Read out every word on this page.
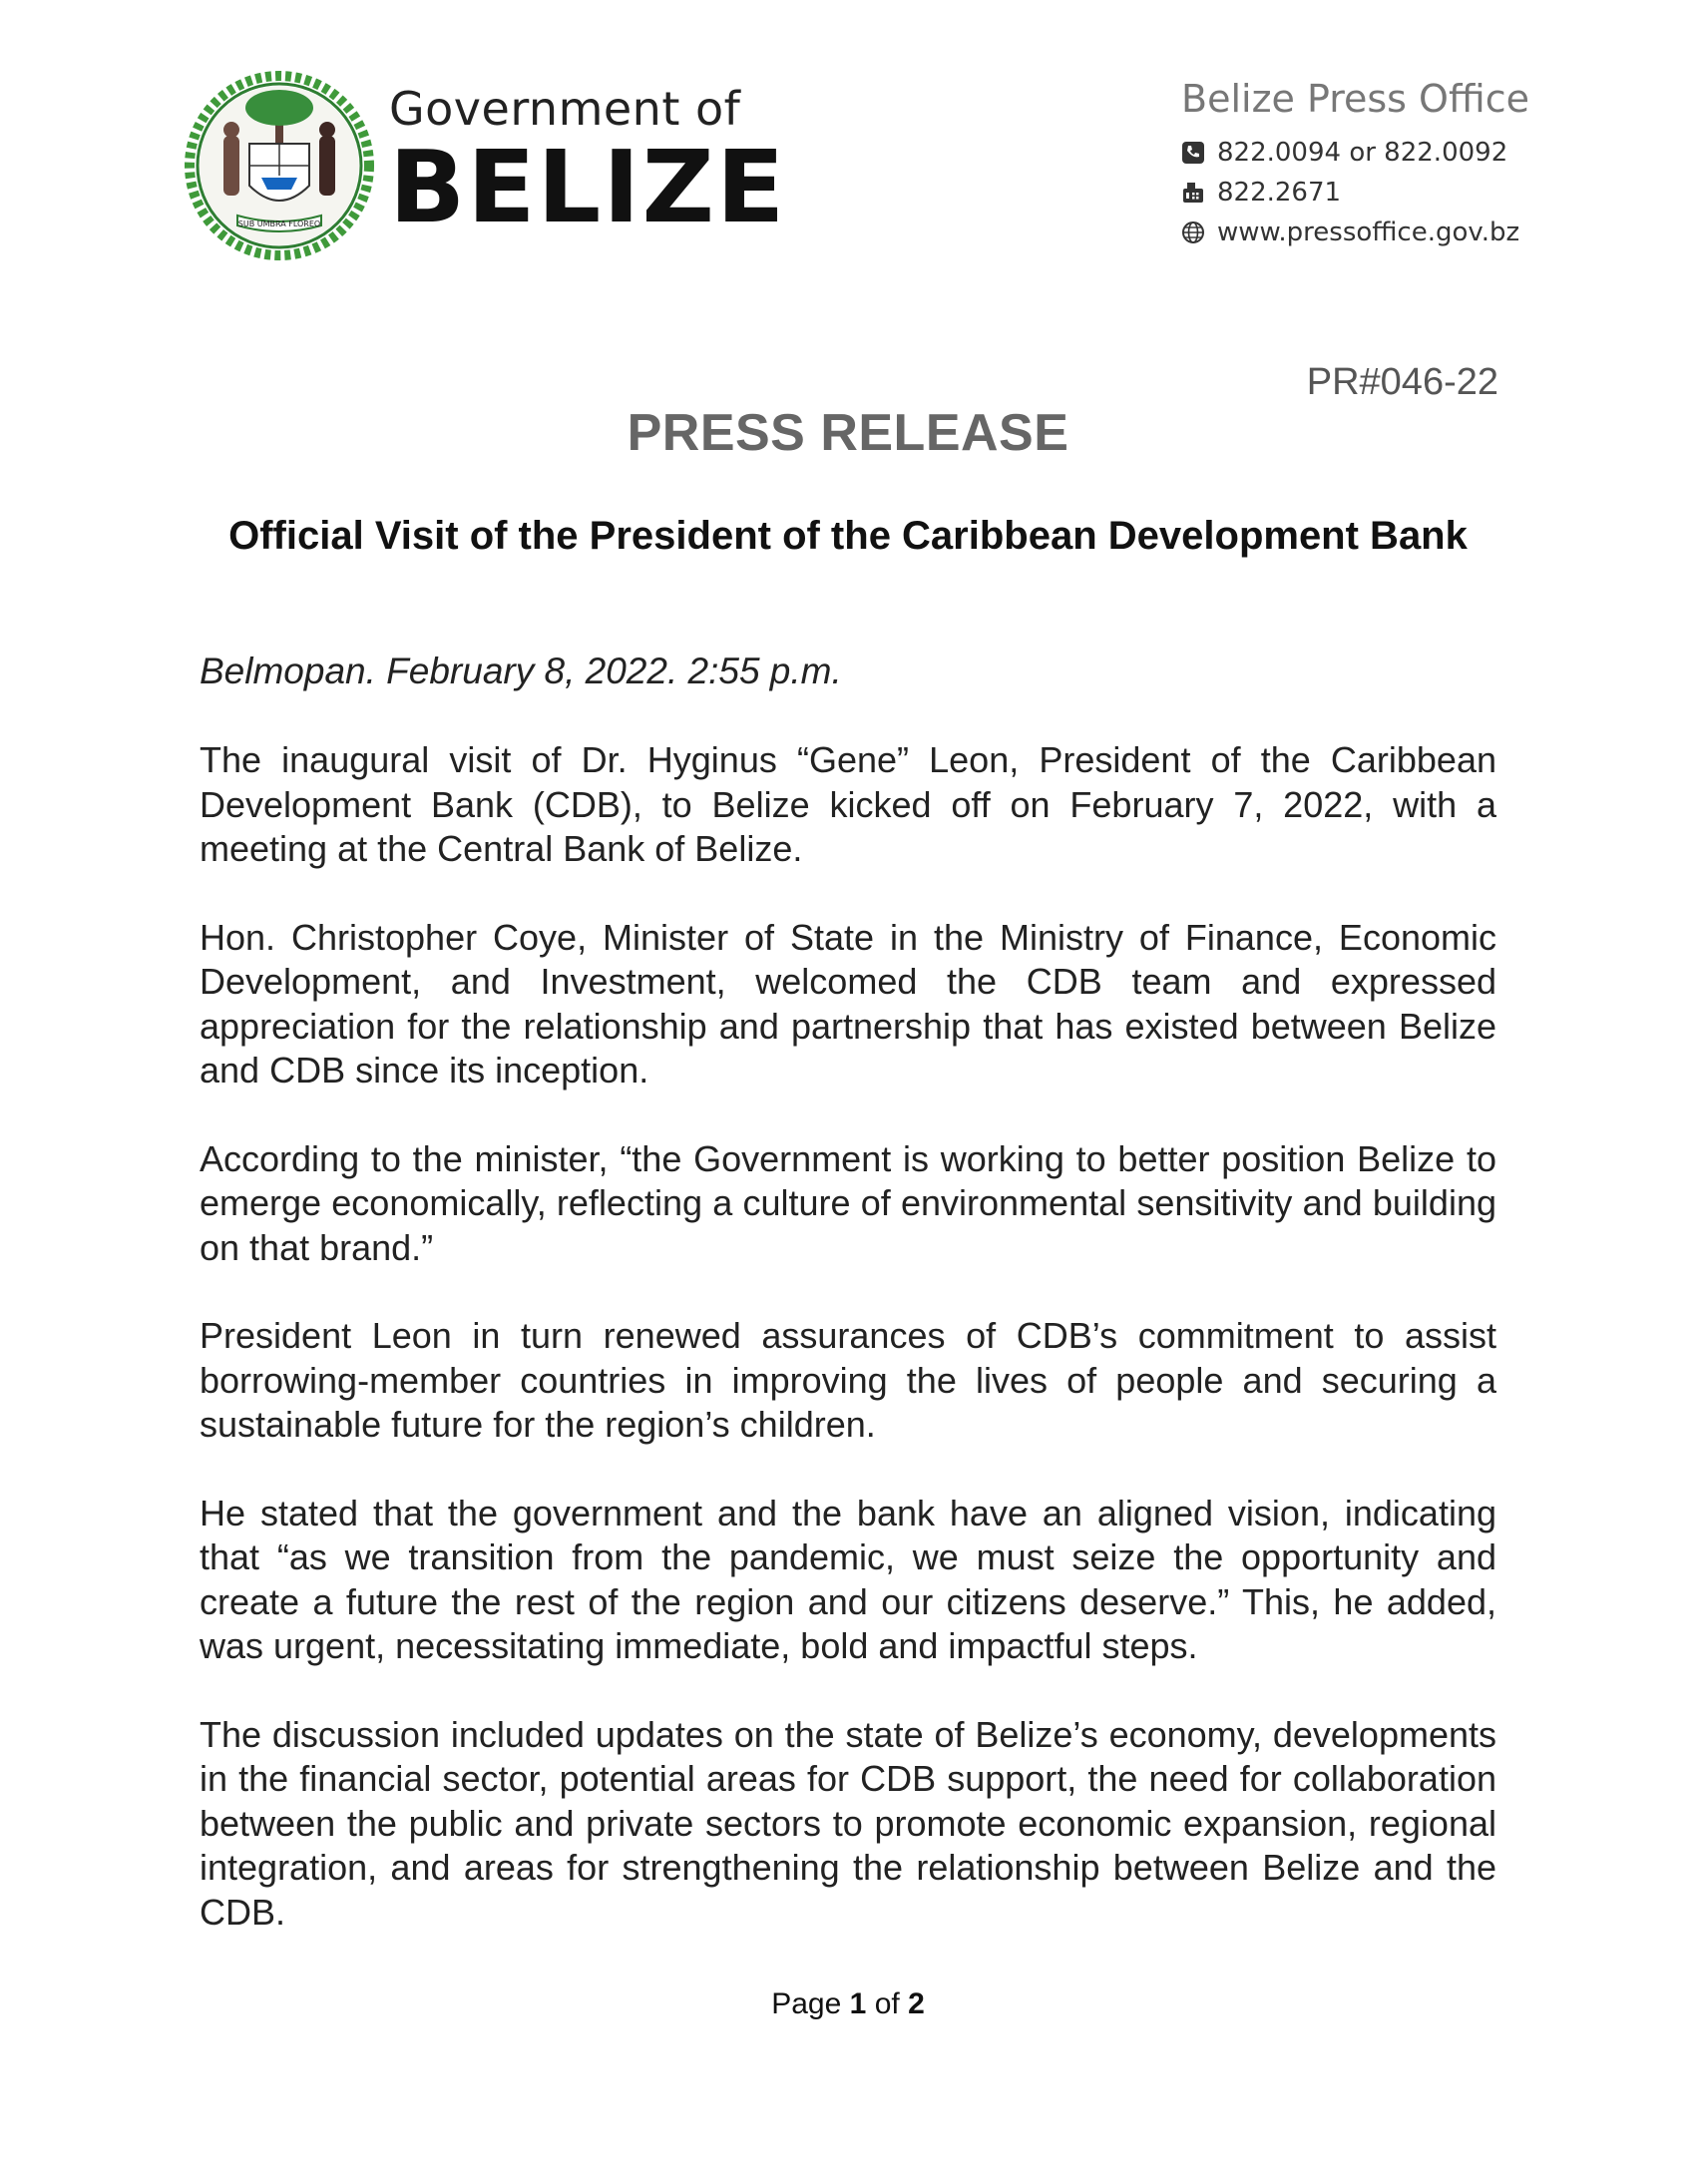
SUB UMBRA FLOREO
Government of
BELIZE
Belize Press Office
822.0094 or 822.0092
822.2671
www.pressoffice.gov.bz
PR#046-22
PRESS RELEASE
Official Visit of the President of the Caribbean Development Bank
Belmopan. February 8, 2022. 2:55 p.m.

The inaugural visit of Dr. Hyginus “Gene” Leon, President of the Caribbean Development Bank (CDB), to Belize kicked off on February 7, 2022, with a meeting at the Central Bank of Belize.

Hon. Christopher Coye, Minister of State in the Ministry of Finance, Economic Development, and Investment, welcomed the CDB team and expressed appreciation for the relationship and partnership that has existed between Belize and CDB since its inception.

According to the minister, “the Government is working to better position Belize to emerge economically, reflecting a culture of environmental sensitivity and building on that brand.”

President Leon in turn renewed assurances of CDB’s commitment to assist borrowing-member countries in improving the lives of people and securing a sustainable future for the region’s children.

He stated that the government and the bank have an aligned vision, indicating that “as we transition from the pandemic, we must seize the opportunity and create a future the rest of the region and our citizens deserve.” This, he added, was urgent, necessitating immediate, bold and impactful steps.

The discussion included updates on the state of Belize’s economy, developments in the financial sector, potential areas for CDB support, the need for collaboration between the public and private sectors to promote economic expansion, regional integration, and areas for strengthening the relationship between Belize and the CDB.

Page 1 of 2
